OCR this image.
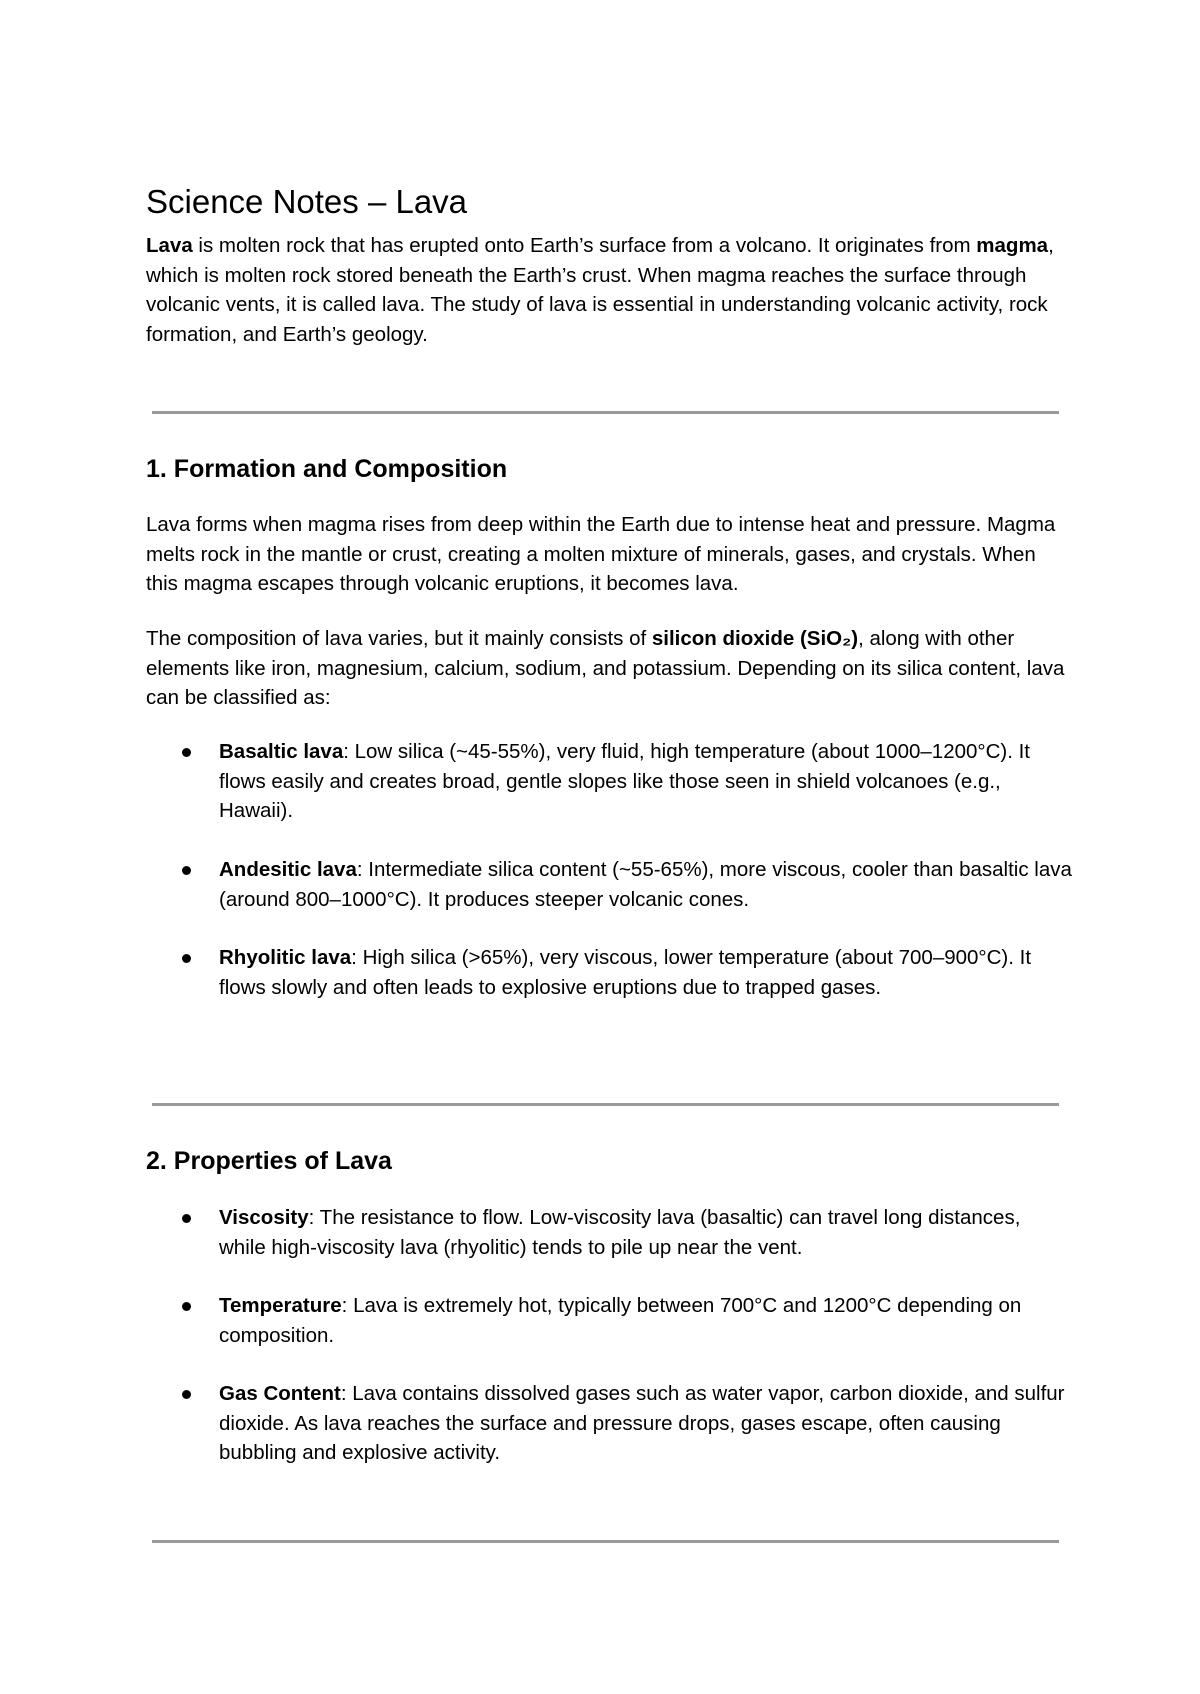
Science Notes – Lava

Lava is molten rock that has erupted onto Earth’s surface from a volcano. It originates from magma, which is molten rock stored beneath the Earth’s crust. When magma reaches the surface through volcanic vents, it is called lava. The study of lava is essential in understanding volcanic activity, rock formation, and Earth’s geology.

1. Formation and Composition

Lava forms when magma rises from deep within the Earth due to intense heat and pressure. Magma melts rock in the mantle or crust, creating a molten mixture of minerals, gases, and crystals. When this magma escapes through volcanic eruptions, it becomes lava.

The composition of lava varies, but it mainly consists of silicon dioxide (SiO₂), along with other elements like iron, magnesium, calcium, sodium, and potassium. Depending on its silica content, lava can be classified as:

Basaltic lava: Low silica (~45-55%), very fluid, high temperature (about 1000–1200°C). It flows easily and creates broad, gentle slopes like those seen in shield volcanoes (e.g., Hawaii).

Andesitic lava: Intermediate silica content (~55-65%), more viscous, cooler than basaltic lava (around 800–1000°C). It produces steeper volcanic cones.

Rhyolitic lava: High silica (>65%), very viscous, lower temperature (about 700–900°C). It flows slowly and often leads to explosive eruptions due to trapped gases.

2. Properties of Lava

Viscosity: The resistance to flow. Low-viscosity lava (basaltic) can travel long distances, while high-viscosity lava (rhyolitic) tends to pile up near the vent.

Temperature: Lava is extremely hot, typically between 700°C and 1200°C depending on composition.

Gas Content: Lava contains dissolved gases such as water vapor, carbon dioxide, and sulfur dioxide. As lava reaches the surface and pressure drops, gases escape, often causing bubbling and explosive activity.
